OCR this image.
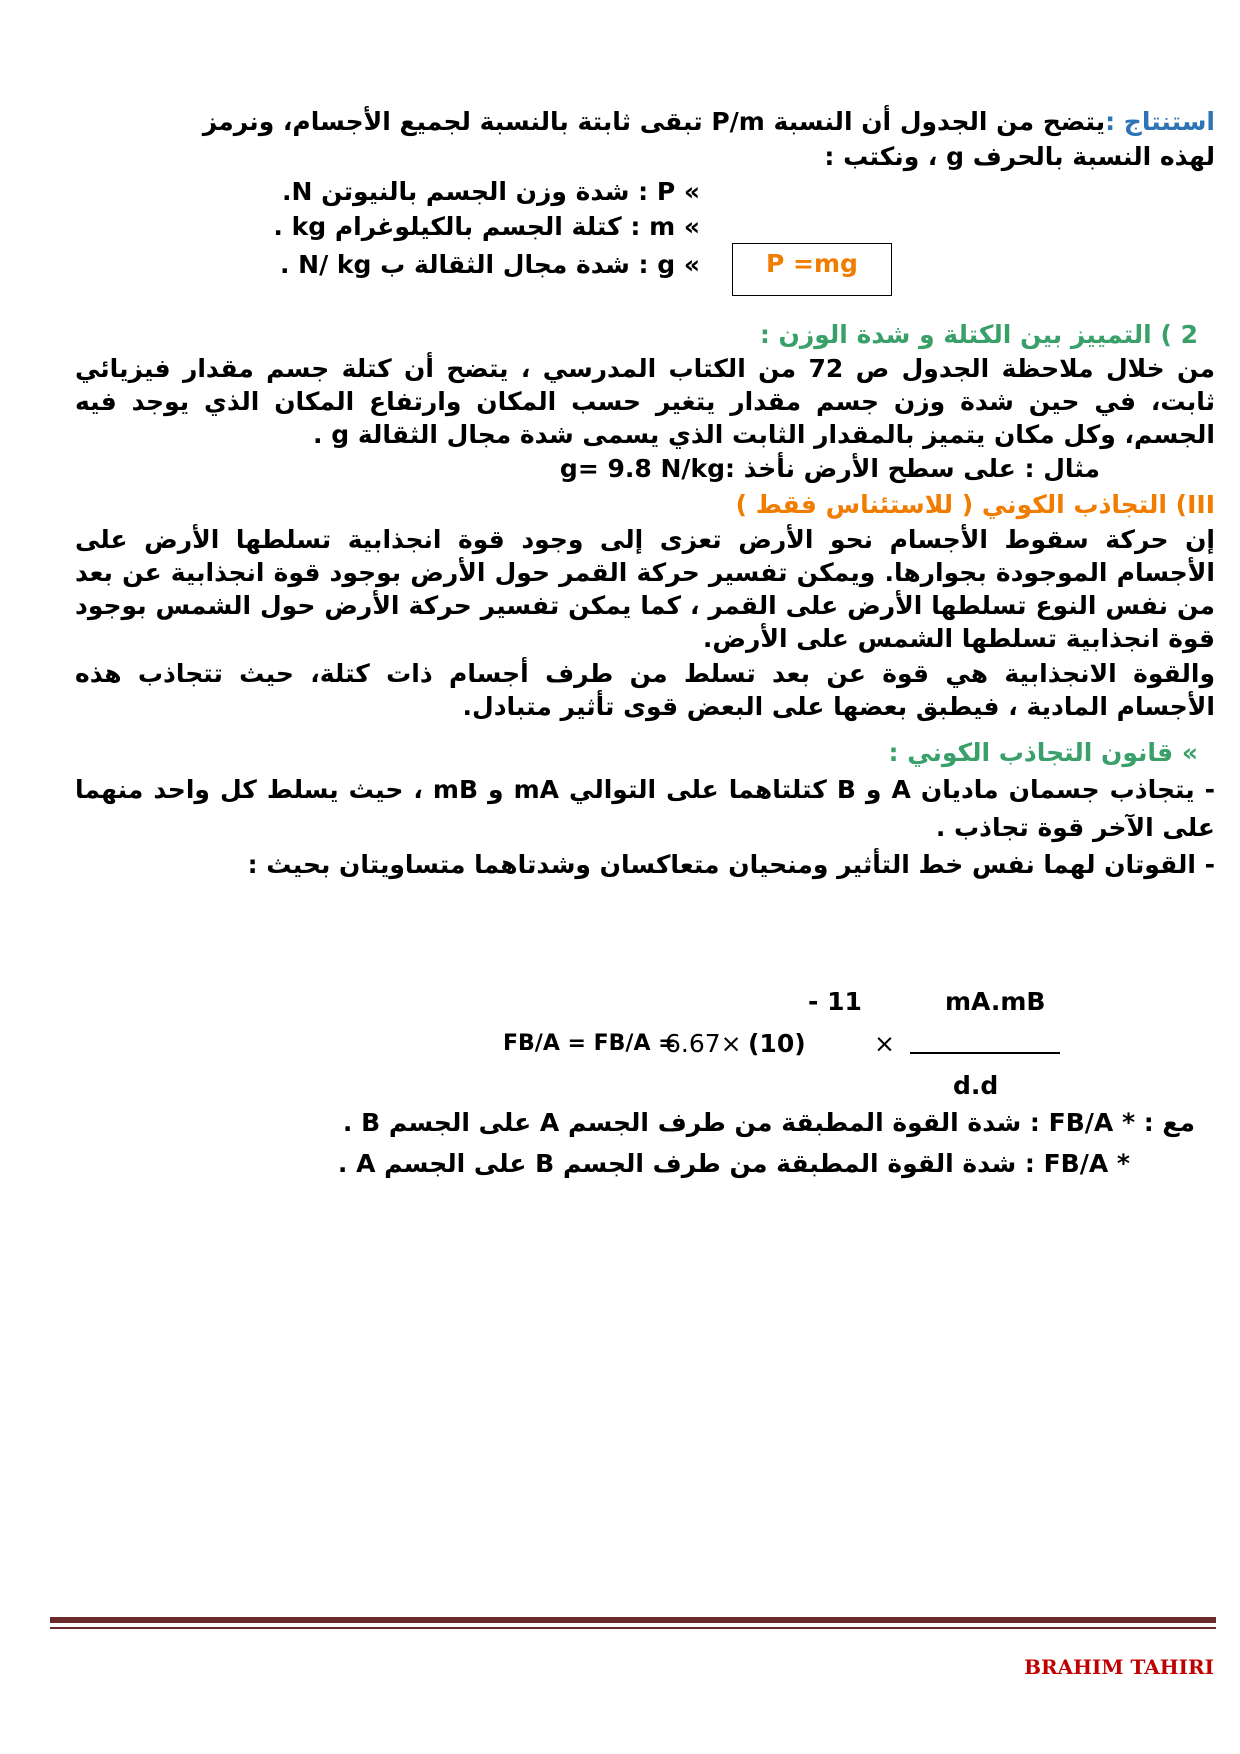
استنتاج :يتضح من الجدول أن النسبة P/m تبقى ثابتة بالنسبة لجميع الأجسام، ونرمز
لهذه النسبة بالحرف g ، ونكتب :
» P : شدة وزن الجسم بالنيوتن N.
» m : كتلة الجسم بالكيلوغرام kg .
» g : شدة مجال الثقالة ب N/ kg .	P =mg
2 ) التمييز بين الكتلة و شدة الوزن :
من خلال ملاحظة الجدول ص 72 من الكتاب المدرسي ، يتضح أن كتلة جسم مقدار فيزيائي ثابت، في حين شدة وزن جسم مقدار يتغير حسب المكان وارتفاع المكان الذي يوجد فيه الجسم، وكل مكان يتميز بالمقدار الثابت الذي يسمى شدة مجال الثقالة g .
مثال : على سطح الأرض نأخذ :g= 9.8 N/kg
III) التجاذب الكوني ( للاستئناس فقط )
إن حركة سقوط الأجسام نحو الأرض تعزى إلى وجود قوة انجذابية تسلطها الأرض على الأجسام الموجودة بجوارها. ويمكن تفسير حركة القمر حول الأرض بوجود قوة انجذابية عن بعد من نفس النوع تسلطها الأرض على القمر ، كما يمكن تفسير حركة الأرض حول الشمس بوجود قوة انجذابية تسلطها الشمس على الأرض.
والقوة الانجذابية هي قوة عن بعد تسلط من طرف أجسام ذات كتلة، حيث تتجاذب هذه الأجسام المادية ، فيطبق بعضها على البعض قوى تأثير متبادل.
» قانون التجاذب الكوني :
- يتجاذب جسمان ماديان A و B كتلتاهما على التوالي mA و mB ، حيث يسلط كل واحد منهما على الآخر قوة تجاذب .
- القوتان لهما نفس خط التأثير ومنحيان متعاكسان وشدتاهما متساويتان بحيث :
- 11	mA.mB
FB/A = FB/A =
6.67× (10)	×
d.d
مع : * FB/A : شدة القوة المطبقة من طرف الجسم A على الجسم B .
* FB/A : شدة القوة المطبقة من طرف الجسم B على الجسم A .
BRAHIM TAHIRI
